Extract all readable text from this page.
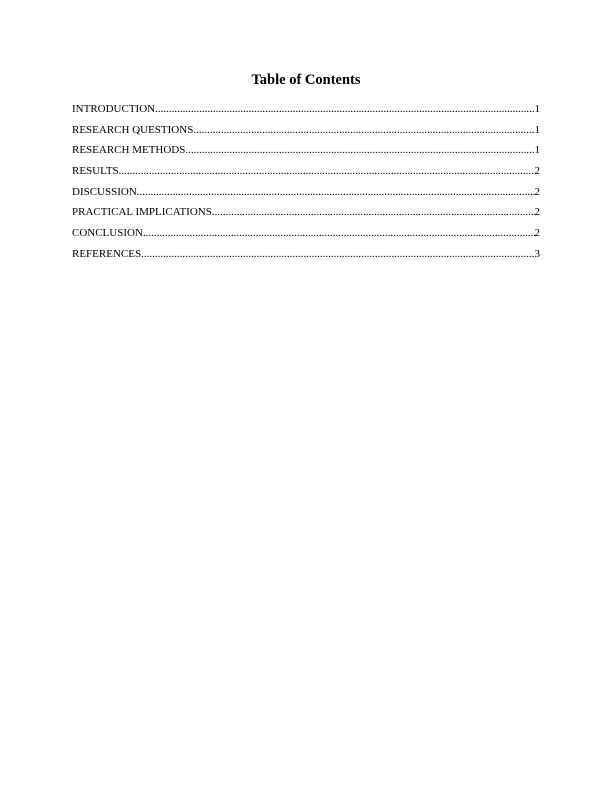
Table of Contents
INTRODUCTION .....	1
RESEARCH QUESTIONS .....	1
RESEARCH METHODS .....	1
RESULTS .....	2
DISCUSSION .....	2
PRACTICAL IMPLICATIONS .....	2
CONCLUSION .....	2
REFERENCES .....	3
